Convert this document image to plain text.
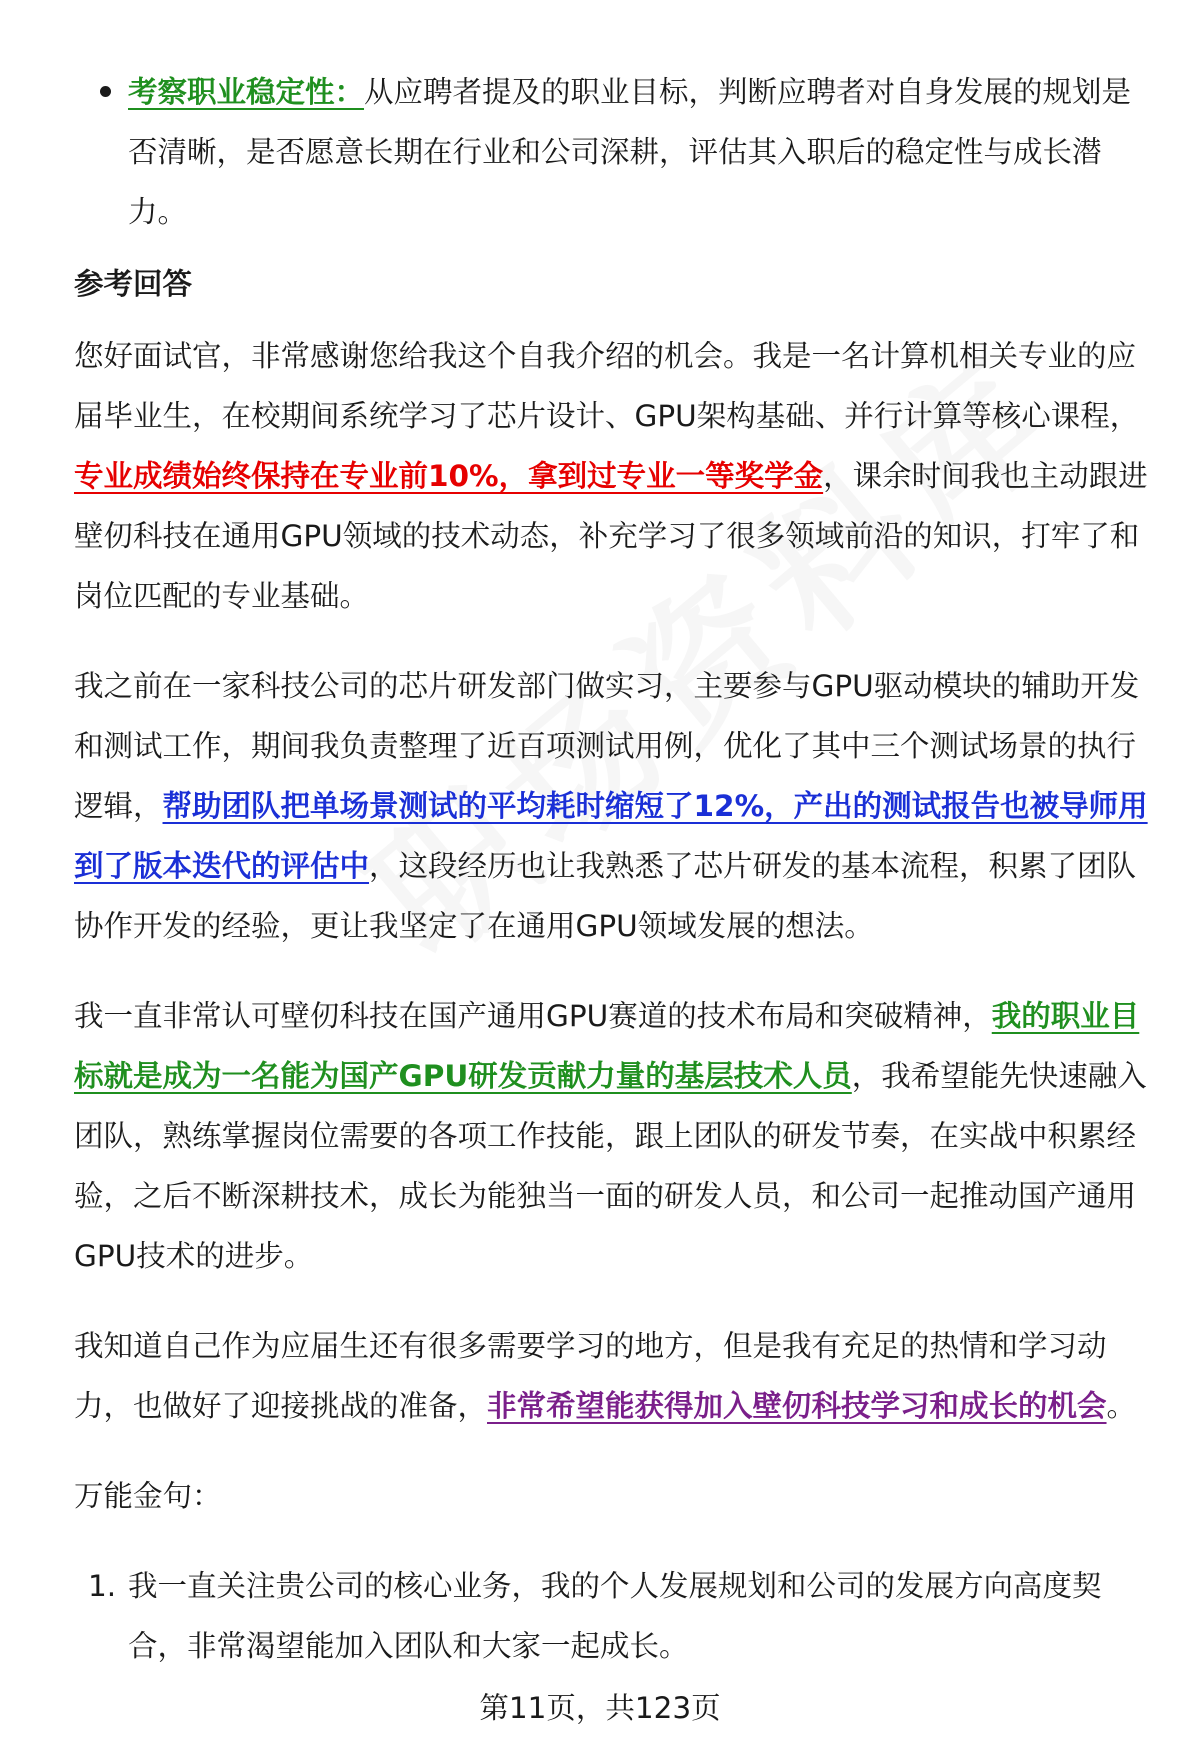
考察职业稳定性：从应聘者提及的职业目标，判断应聘者对自身发展的规划是否清晰，是否愿意长期在行业和公司深耕，评估其入职后的稳定性与成长潜力。

参考回答

您好面试官，非常感谢您给我这个自我介绍的机会。我是一名计算机相关专业的应届毕业生，在校期间系统学习了芯片设计、GPU架构基础、并行计算等核心课程，专业成绩始终保持在专业前10%，拿到过专业一等奖学金，课余时间我也主动跟进壁仞科技在通用GPU领域的技术动态，补充学习了很多领域前沿的知识，打牢了和岗位匹配的专业基础。

我之前在一家科技公司的芯片研发部门做实习，主要参与GPU驱动模块的辅助开发和测试工作，期间我负责整理了近百项测试用例，优化了其中三个测试场景的执行逻辑，帮助团队把单场景测试的平均耗时缩短了12%，产出的测试报告也被导师用到了版本迭代的评估中，这段经历也让我熟悉了芯片研发的基本流程，积累了团队协作开发的经验，更让我坚定了在通用GPU领域发展的想法。

我一直非常认可壁仞科技在国产通用GPU赛道的技术布局和突破精神，我的职业目标就是成为一名能为国产GPU研发贡献力量的基层技术人员，我希望能先快速融入团队，熟练掌握岗位需要的各项工作技能，跟上团队的研发节奏，在实战中积累经验，之后不断深耕技术，成长为能独当一面的研发人员，和公司一起推动国产通用GPU技术的进步。

我知道自己作为应届生还有很多需要学习的地方，但是我有充足的热情和学习动力，也做好了迎接挑战的准备，非常希望能获得加入壁仞科技学习和成长的机会。

万能金句：

1. 我一直关注贵公司的核心业务，我的个人发展规划和公司的发展方向高度契合，非常渴望能加入团队和大家一起成长。

第11页，共123页
